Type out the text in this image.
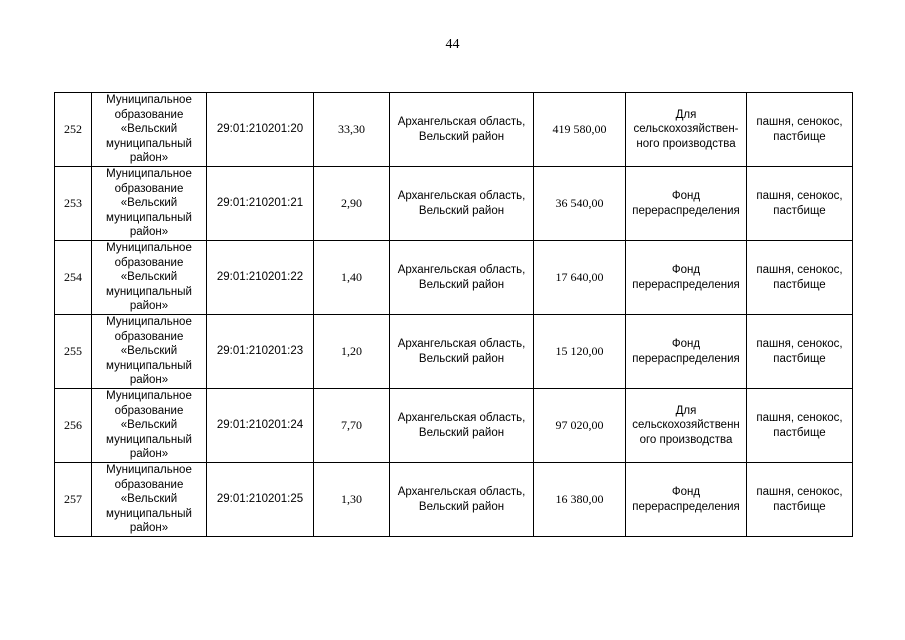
44
252	Муниципальное
образование
«Вельский
муниципальный
район»	29:01:210201:20	33,30	Архангельская область,
Вельский район	419 580,00	Для
сельскохозяйствен-
ного производства	пашня, сенокос,
пастбище

253	Муниципальное
образование
«Вельский
муниципальный
район»	29:01:210201:21	2,90	Архангельская область,
Вельский район	36 540,00	Фонд
перераспределения	пашня, сенокос,
пастбище

254	Муниципальное
образование
«Вельский
муниципальный
район»	29:01:210201:22	1,40	Архангельская область,
Вельский район	17 640,00	Фонд
перераспределения	пашня, сенокос,
пастбище

255	Муниципальное
образование
«Вельский
муниципальный
район»	29:01:210201:23	1,20	Архангельская область,
Вельский район	15 120,00	Фонд
перераспределения	пашня, сенокос,
пастбище

256	Муниципальное
образование
«Вельский
муниципальный
район»	29:01:210201:24	7,70	Архангельская область,
Вельский район	97 020,00	Для
сельскохозяйственн
ого производства	пашня, сенокос,
пастбище

257	Муниципальное
образование
«Вельский
муниципальный
район»	29:01:210201:25	1,30	Архангельская область,
Вельский район	16 380,00	Фонд
перераспределения	пашня, сенокос,
пастбище
